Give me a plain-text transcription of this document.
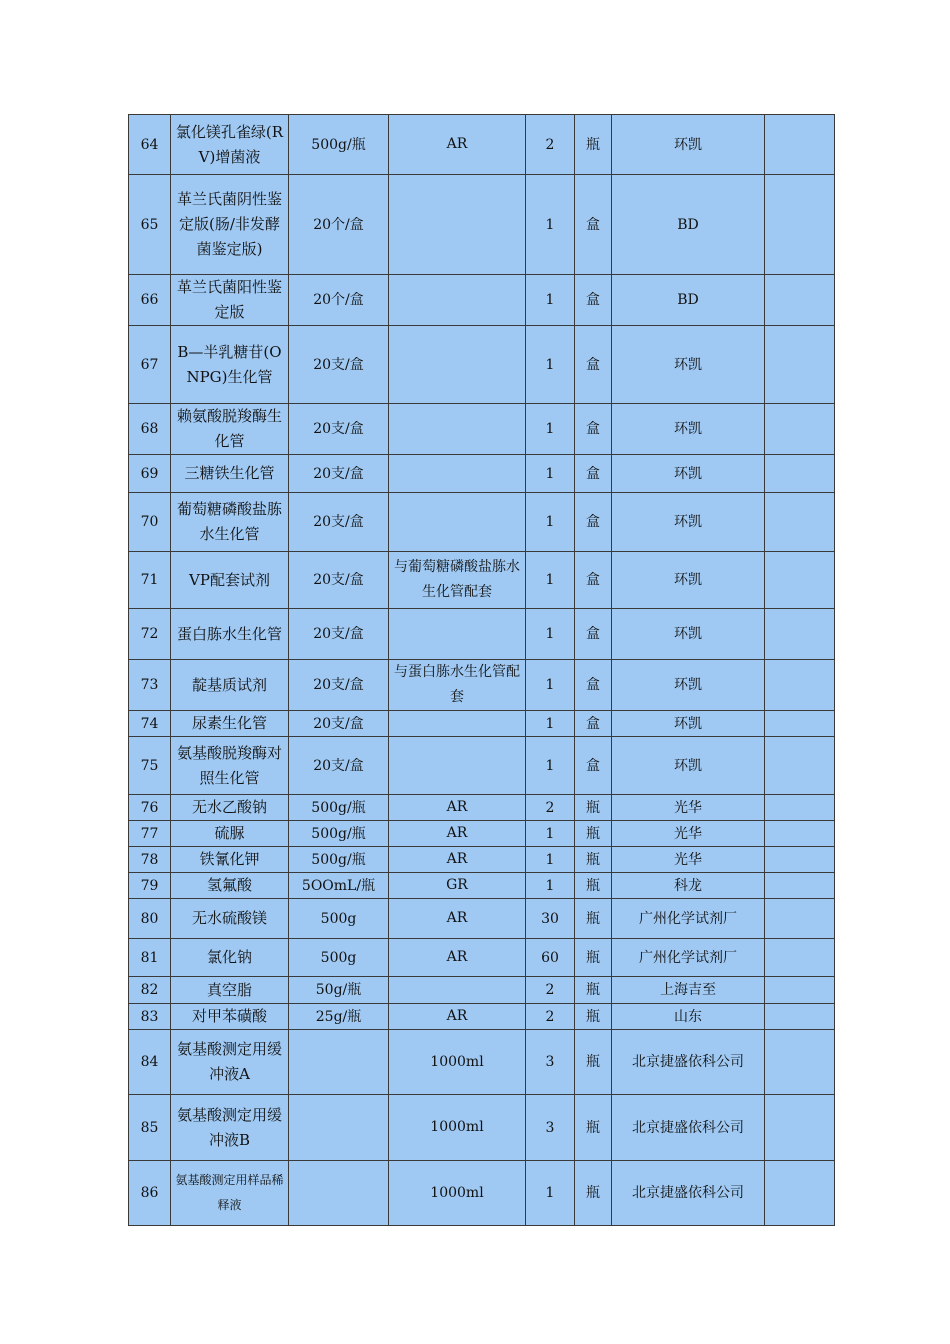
64	氯化镁孔雀绿(RV)增菌液	500g/瓶	AR	2	瓶	环凯	
65	革兰氏菌阴性鉴定版(肠/非发酵菌鉴定版)	20个/盒		1	盒	BD	
66	革兰氏菌阳性鉴定版	20个/盒		1	盒	BD	
67	B—半乳糖苷(ONPG)生化管	20支/盒		1	盒	环凯	
68	赖氨酸脱羧酶生化管	20支/盒		1	盒	环凯	
69	三糖铁生化管	20支/盒		1	盒	环凯	
70	葡萄糖磷酸盐胨水生化管	20支/盒		1	盒	环凯	
71	VP配套试剂	20支/盒	与葡萄糖磷酸盐胨水生化管配套	1	盒	环凯	
72	蛋白胨水生化管	20支/盒		1	盒	环凯	
73	靛基质试剂	20支/盒	与蛋白胨水生化管配套	1	盒	环凯	
74	尿素生化管	20支/盒		1	盒	环凯	
75	氨基酸脱羧酶对照生化管	20支/盒		1	盒	环凯	
76	无水乙酸钠	500g/瓶	AR	2	瓶	光华	
77	硫脲	500g/瓶	AR	1	瓶	光华	
78	铁氰化钾	500g/瓶	AR	1	瓶	光华	
79	氢氟酸	5OOmL/瓶	GR	1	瓶	科龙	
80	无水硫酸镁	500g	AR	30	瓶	广州化学试剂厂	
81	氯化钠	500g	AR	60	瓶	广州化学试剂厂	
82	真空脂	50g/瓶		2	瓶	上海吉至	
83	对甲苯磺酸	25g/瓶	AR	2	瓶	山东	
84	氨基酸测定用缓冲液A		1000ml	3	瓶	北京捷盛依科公司	
85	氨基酸测定用缓冲液B		1000ml	3	瓶	北京捷盛依科公司	
86	氨基酸测定用样品稀释液		1000ml	1	瓶	北京捷盛依科公司	
